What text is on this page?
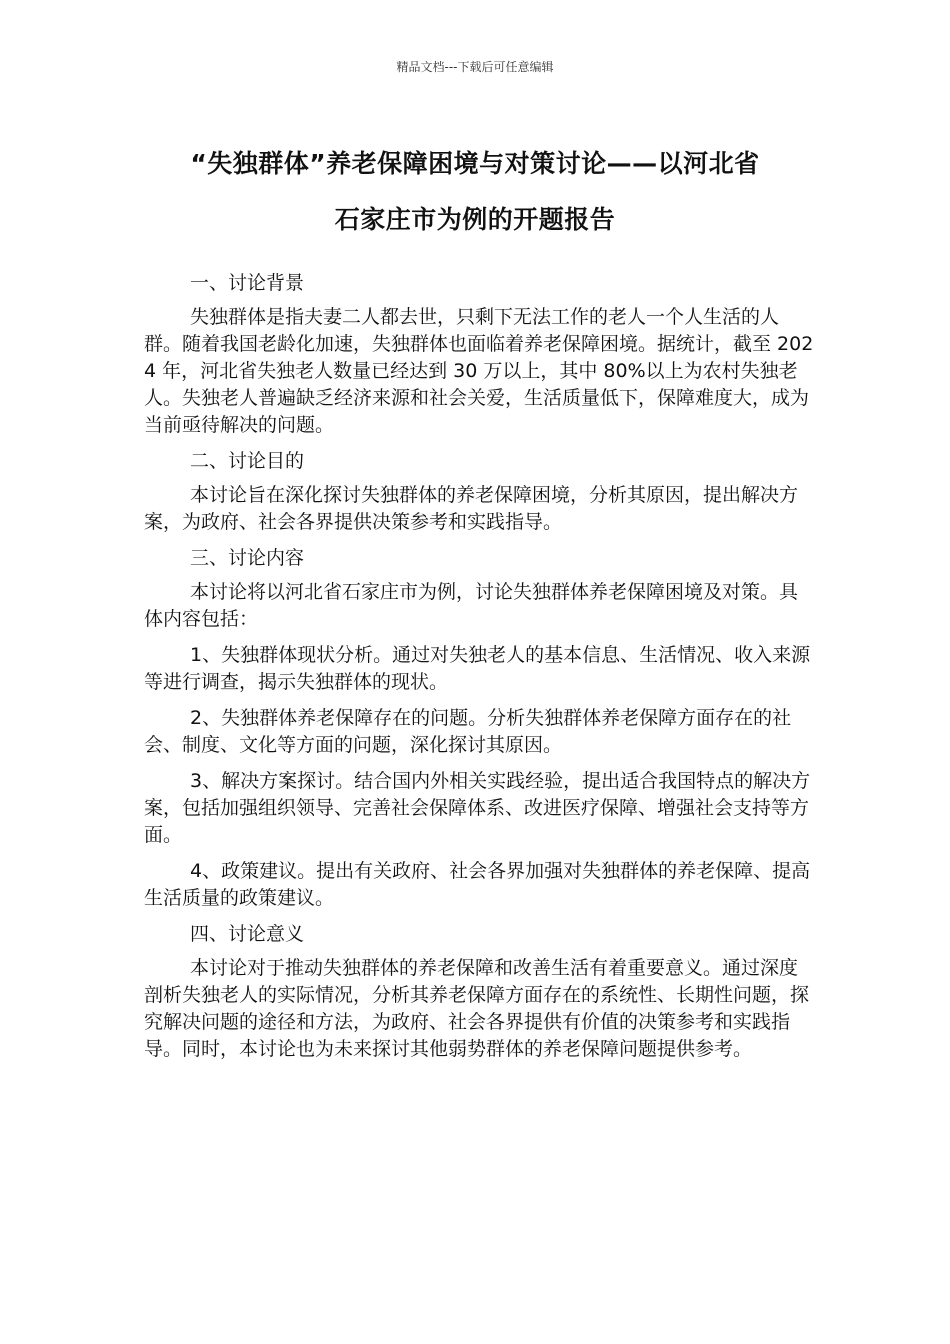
精品文档---下载后可任意编辑
“失独群体”养老保障困境与对策讨论——以河北省
石家庄市为例的开题报告

一、讨论背景

失独群体是指夫妻二人都去世，只剩下无法工作的老人一个人生活的人群。随着我国老龄化加速，失独群体也面临着养老保障困境。据统计，截至 2024 年，河北省失独老人数量已经达到 30 万以上，其中 80%以上为农村失独老人。失独老人普遍缺乏经济来源和社会关爱，生活质量低下，保障难度大，成为当前亟待解决的问题。

二、讨论目的

本讨论旨在深化探讨失独群体的养老保障困境，分析其原因，提出解决方案，为政府、社会各界提供决策参考和实践指导。

三、讨论内容

本讨论将以河北省石家庄市为例，讨论失独群体养老保障困境及对策。具体内容包括：

1、失独群体现状分析。通过对失独老人的基本信息、生活情况、收入来源等进行调查，揭示失独群体的现状。

2、失独群体养老保障存在的问题。分析失独群体养老保障方面存在的社会、制度、文化等方面的问题，深化探讨其原因。

3、解决方案探讨。结合国内外相关实践经验，提出适合我国特点的解决方案，包括加强组织领导、完善社会保障体系、改进医疗保障、增强社会支持等方面。

4、政策建议。提出有关政府、社会各界加强对失独群体的养老保障、提高生活质量的政策建议。

四、讨论意义

本讨论对于推动失独群体的养老保障和改善生活有着重要意义。通过深度剖析失独老人的实际情况，分析其养老保障方面存在的系统性、长期性问题，探究解决问题的途径和方法，为政府、社会各界提供有价值的决策参考和实践指导。同时，本讨论也为未来探讨其他弱势群体的养老保障问题提供参考。
